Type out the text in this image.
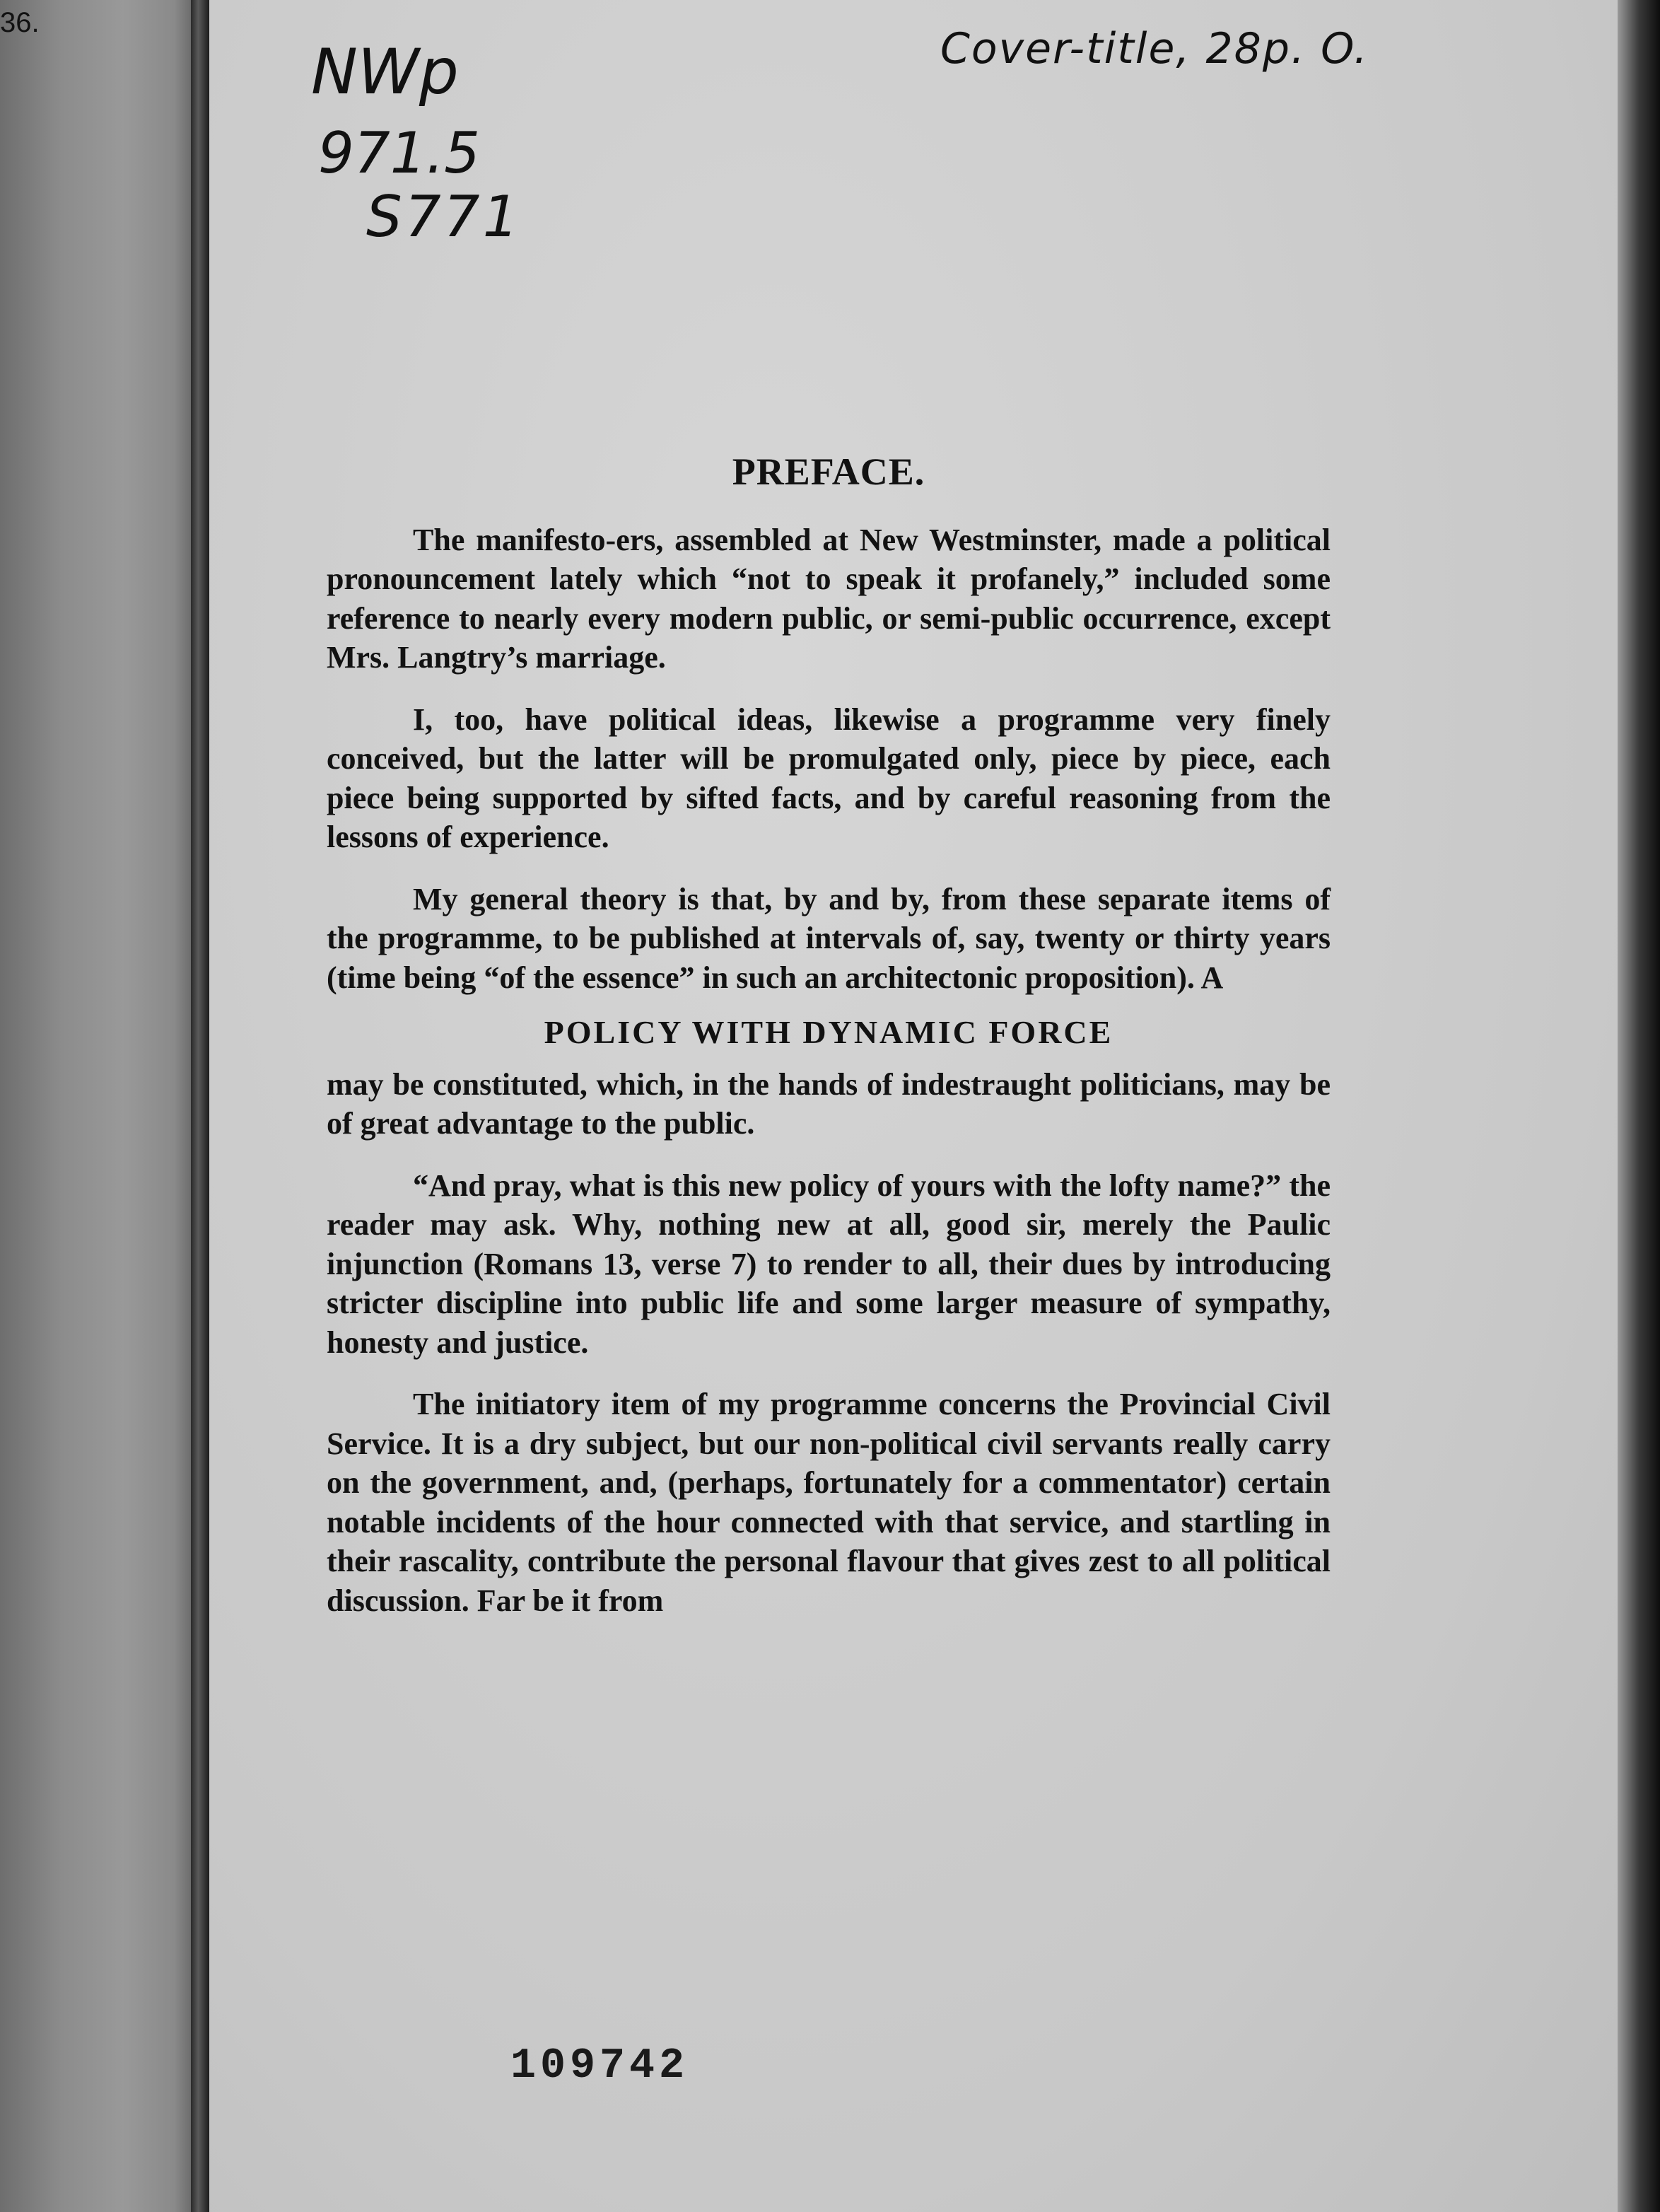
36.
Cover-title, 28p. O.
NWp
971.5
S771
PREFACE.

The manifesto-ers, assembled at New Westminster, made a political pronouncement lately which “not to speak it profanely,” included some reference to nearly every modern public, or semi-public occurrence, except Mrs. Langtry’s marriage.

I, too, have political ideas, likewise a programme very finely conceived, but the latter will be promulgated only, piece by piece, each piece being supported by sifted facts, and by careful reasoning from the lessons of experience.

My general theory is that, by and by, from these separate items of the programme, to be published at intervals of, say, twenty or thirty years (time being “of the essence” in such an architectonic proposition). A

POLICY WITH DYNAMIC FORCE

may be constituted, which, in the hands of indestraught politicians, may be of great advantage to the public.

“And pray, what is this new policy of yours with the lofty name?” the reader may ask. Why, nothing new at all, good sir, merely the Paulic injunction (Romans 13, verse 7) to render to all, their dues by introducing stricter discipline into public life and some larger measure of sympathy, honesty and justice.

The initiatory item of my programme concerns the Provincial Civil Service. It is a dry subject, but our non-political civil servants really carry on the government, and, (perhaps, fortunately for a commentator) certain notable incidents of the hour connected with that service, and startling in their rascality, contribute the personal flavour that gives zest to all political discussion. Far be it from

109742
